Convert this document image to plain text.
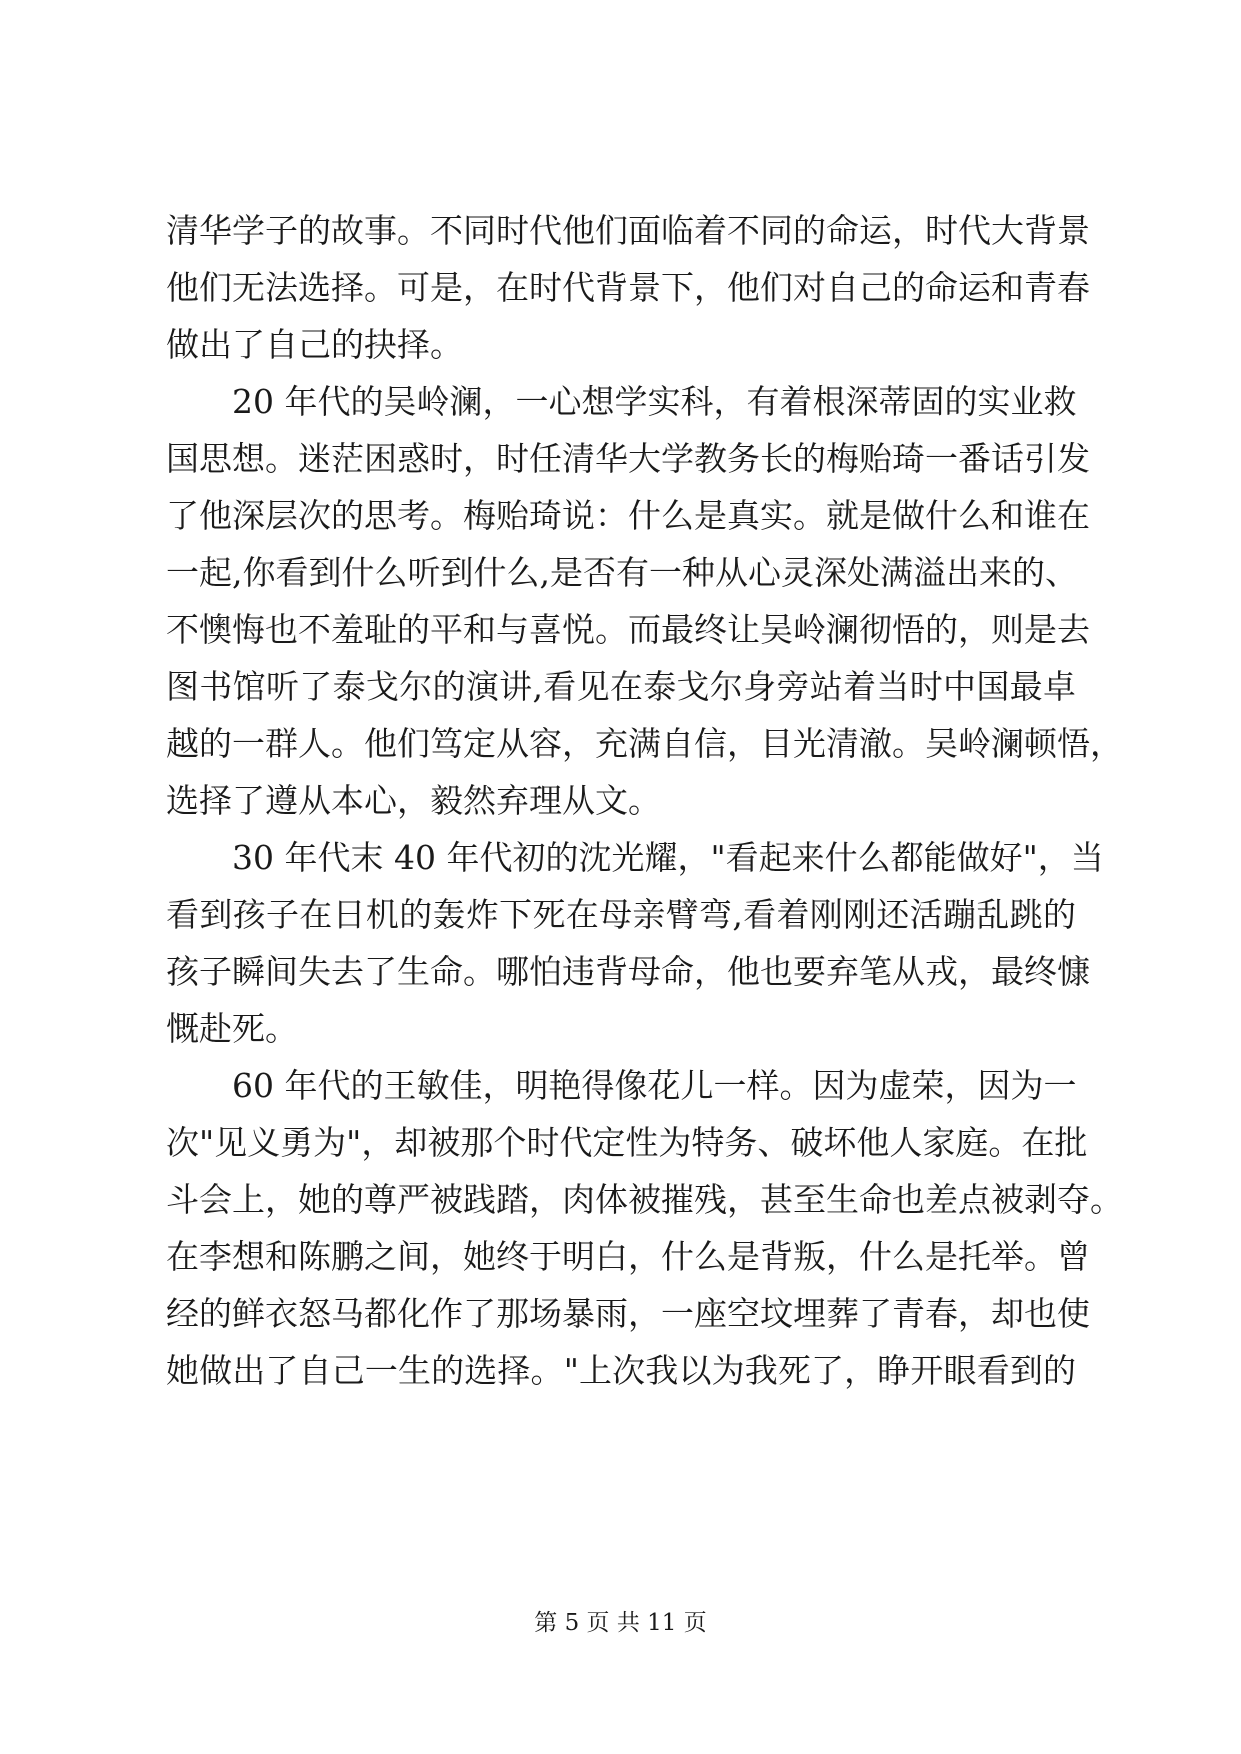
清华学子的故事。不同时代他们面临着不同的命运，时代大背景
他们无法选择。可是，在时代背景下，他们对自己的命运和青春
做出了自己的抉择。
20 年代的吴岭澜，一心想学实科，有着根深蒂固的实业救
国思想。迷茫困惑时，时任清华大学教务长的梅贻琦一番话引发
了他深层次的思考。梅贻琦说：什么是真实。就是做什么和谁在
一起,你看到什么听到什么,是否有一种从心灵深处满溢出来的、
不懊悔也不羞耻的平和与喜悦。而最终让吴岭澜彻悟的，则是去
图书馆听了泰戈尔的演讲,看见在泰戈尔身旁站着当时中国最卓
越的一群人。他们笃定从容，充满自信，目光清澈。吴岭澜顿悟，
选择了遵从本心，毅然弃理从文。
30 年代末 40 年代初的沈光耀，"看起来什么都能做好"，当
看到孩子在日机的轰炸下死在母亲臂弯,看着刚刚还活蹦乱跳的
孩子瞬间失去了生命。哪怕违背母命，他也要弃笔从戎，最终慷
慨赴死。
60 年代的王敏佳，明艳得像花儿一样。因为虚荣，因为一
次"见义勇为"，却被那个时代定性为特务、破坏他人家庭。在批
斗会上，她的尊严被践踏，肉体被摧残，甚至生命也差点被剥夺。
在李想和陈鹏之间，她终于明白，什么是背叛，什么是托举。曾
经的鲜衣怒马都化作了那场暴雨，一座空坟埋葬了青春，却也使
她做出了自己一生的选择。"上次我以为我死了，睁开眼看到的
第 5 页 共 11 页
